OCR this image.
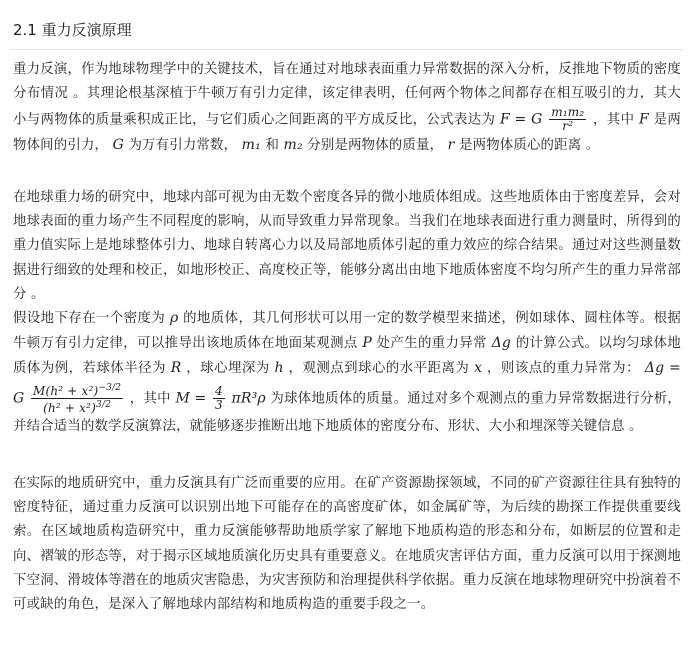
2.1 重力反演原理

重力反演，作为地球物理学中的关键技术，旨在通过对地球表面重力异常数据的深入分析，反推地下物质的密度分布情况 。其理论根基深植于牛顿万有引力定律，该定律表明，任何两个物体之间都存在相互吸引的力，其大小与两物体的质量乘积成正比，与它们质心之间距离的平方成反比，公式表达为 F = G $\frac{\text{m₁m₂}}{\text{r²}}$ ，其中 F 是两物体间的引力， G 为万有引力常数， m₁ 和 m₂ 分别是两物体的质量， r 是两物体质心的距离 。

在地球重力场的研究中，地球内部可视为由无数个密度各异的微小地质体组成。这些地质体由于密度差异，会对地球表面的重力场产生不同程度的影响，从而导致重力异常现象。当我们在地球表面进行重力测量时，所得到的重力值实际上是地球整体引力、地球自转离心力以及局部地质体引起的重力效应的综合结果。通过对这些测量数据进行细致的处理和校正，如地形校正、高度校正等，能够分离出由地下地质体密度不均匀所产生的重力异常部分 。

假设地下存在一个密度为 ρ 的地质体，其几何形状可以用一定的数学模型来描述，例如球体、圆柱体等。根据牛顿万有引力定律，可以推导出该地质体在地面某观测点 P 处产生的重力异常 Δg 的计算公式。以均匀球体地质体为例，若球体半径为 R ，球心埋深为 h ，观测点到球心的水平距离为 x ，则该点的重力异常为： Δg = G $\frac{M(h^2 + x^2)^{-3/2}}{(h^2 + x^2)^{3/2}}$ ，其中 $M = \frac{4}{3} \pi R^3\rho$ 为球体地质体的质量。通过对多个观测点的重力异常数据进行分析，并结合适当的数学反演算法，就能够逐步推断出地下地质体的密度分布、形状、大小和埋深等关键信息 。

在实际的地质研究中，重力反演具有广泛而重要的应用。在矿产资源勘探领域，不同的矿产资源往往具有独特的密度特征，通过重力反演可以识别出地下可能存在的高密度矿体，如金属矿等，为后续的勘探工作提供重要线索。在区域地质构造研究中，重力反演能够帮助地质学家了解地下地质构造的形态和分布，如断层的位置和走向、褶皱的形态等，对于揭示区域地质演化历史具有重要意义。在地质灾害评估方面，重力反演可以用于探测地下空洞、滑坡体等潜在的地质灾害隐患，为灾害预防和治理提供科学依据。重力反演在地球物理研究中扮演着不可或缺的角色，是深入了解地球内部结构和地质构造的重要手段之一。
